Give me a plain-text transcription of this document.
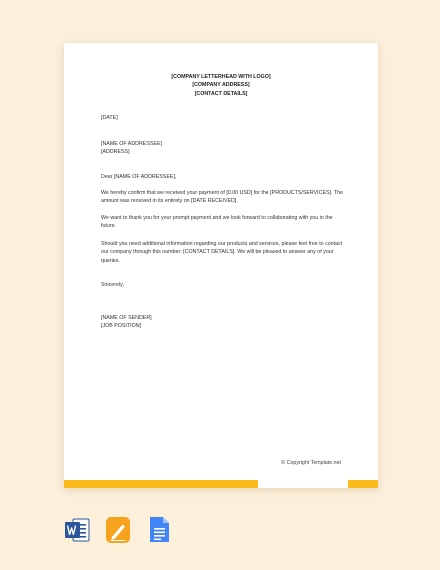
[COMPANY LETTERHEAD WITH LOGO]
[COMPANY ADDRESS]
[CONTACT DETAILS]
[DATE]
[NAME OF ADDRESSEE]
[ADDRESS]
Dear [NAME OF ADDRESSEE],
We hereby confirm that we received your payment of [0.00 USD] for the [PRODUCTS/SERVICES]. The amount was received in its entirety on [DATE RECEIVED].
We want to thank you for your prompt payment and we look forward to collaborating with you in the future.
Should you need additional information regarding our products and services, please feel free to contact our company through this number: [CONTACT DETAILS]. We will be pleased to answer any of your queries.
Sincerely,
[NAME OF SENDER]
[JOB POSITION]
© Copyright Template.net
